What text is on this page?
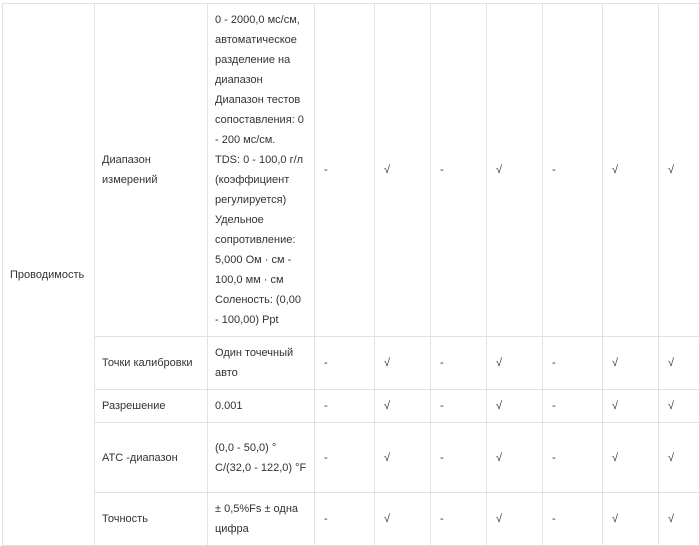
Проводимость	Диапазон измерений	0 - 2000,0 мс/см, автоматическое разделение на диапазон
Диапазон тестов сопоставления: 0 - 200 мс/см.
TDS: 0 - 100,0 г/л (коэффициент регулируется)
Удельное сопротивление: 5,000 Ом · см - 100,0 мм · см
Соленость: (0,00 - 100,00) Ppt	-	√	-	√	-	√	√
	Точки калибровки	Один точечный авто	-	√	-	√	-	√	√
	Разрешение	0.001	-	√	-	√	-	√	√
	ATC -диапазон	(0,0 - 50,0) ° C/(32,0 - 122,0) °F	-	√	-	√	-	√	√
	Точность	± 0,5%Fs ± одна цифра	-	√	-	√	-	√	√
